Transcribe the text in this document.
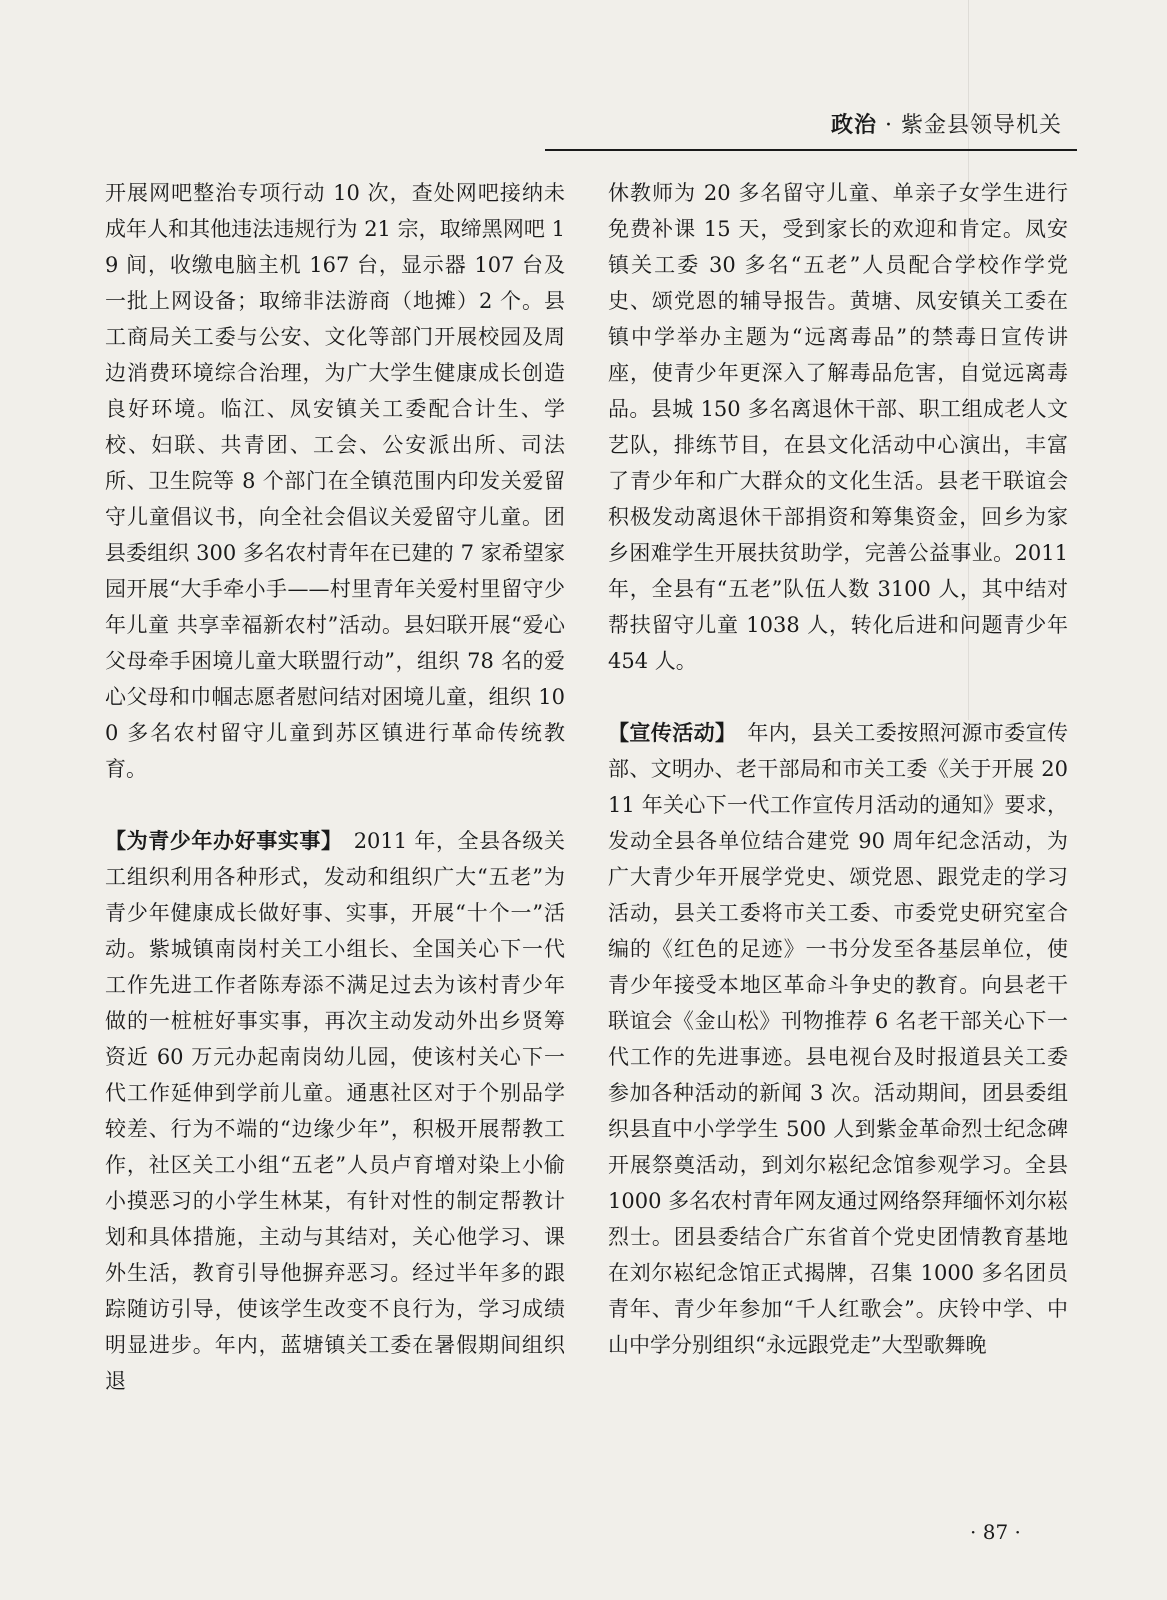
政治 · 紫金县领导机关

开展网吧整治专项行动 10 次，查处网吧接纳未成年人和其他违法违规行为 21 宗，取缔黑网吧 19 间，收缴电脑主机 167 台，显示器 107 台及一批上网设备；取缔非法游商（地摊）2 个。县工商局关工委与公安、文化等部门开展校园及周边消费环境综合治理，为广大学生健康成长创造良好环境。临江、凤安镇关工委配合计生、学校、妇联、共青团、工会、公安派出所、司法所、卫生院等 8 个部门在全镇范围内印发关爱留守儿童倡议书，向全社会倡议关爱留守儿童。团县委组织 300 多名农村青年在已建的 7 家希望家园开展“大手牵小手——村里青年关爱村里留守少年儿童 共享幸福新农村”活动。县妇联开展“爱心父母牵手困境儿童大联盟行动”，组织 78 名的爱心父母和巾帼志愿者慰问结对困境儿童，组织 100 多名农村留守儿童到苏区镇进行革命传统教育。

【为青少年办好事实事】　2011 年，全县各级关工组织利用各种形式，发动和组织广大“五老”为青少年健康成长做好事、实事，开展“十个一”活动。紫城镇南岗村关工小组长、全国关心下一代工作先进工作者陈寿添不满足过去为该村青少年做的一桩桩好事实事，再次主动发动外出乡贤筹资近 60 万元办起南岗幼儿园，使该村关心下一代工作延伸到学前儿童。通惠社区对于个别品学较差、行为不端的“边缘少年”，积极开展帮教工作，社区关工小组“五老”人员卢育增对染上小偷小摸恶习的小学生林某，有针对性的制定帮教计划和具体措施，主动与其结对，关心他学习、课外生活，教育引导他摒弃恶习。经过半年多的跟踪随访引导，使该学生改变不良行为，学习成绩明显进步。年内，蓝塘镇关工委在暑假期间组织退

休教师为 20 多名留守儿童、单亲子女学生进行免费补课 15 天，受到家长的欢迎和肯定。凤安镇关工委 30 多名“五老”人员配合学校作学党史、颂党恩的辅导报告。黄塘、凤安镇关工委在镇中学举办主题为“远离毒品”的禁毒日宣传讲座，使青少年更深入了解毒品危害，自觉远离毒品。县城 150 多名离退休干部、职工组成老人文艺队，排练节目，在县文化活动中心演出，丰富了青少年和广大群众的文化生活。县老干联谊会积极发动离退休干部捐资和筹集资金，回乡为家乡困难学生开展扶贫助学，完善公益事业。2011 年，全县有“五老”队伍人数 3100 人，其中结对帮扶留守儿童 1038 人，转化后进和问题青少年 454 人。

【宣传活动】　年内，县关工委按照河源市委宣传部、文明办、老干部局和市关工委《关于开展 2011 年关心下一代工作宣传月活动的通知》要求，发动全县各单位结合建党 90 周年纪念活动，为广大青少年开展学党史、颂党恩、跟党走的学习活动，县关工委将市关工委、市委党史研究室合编的《红色的足迹》一书分发至各基层单位，使青少年接受本地区革命斗争史的教育。向县老干联谊会《金山松》刊物推荐 6 名老干部关心下一代工作的先进事迹。县电视台及时报道县关工委参加各种活动的新闻 3 次。活动期间，团县委组织县直中小学学生 500 人到紫金革命烈士纪念碑开展祭奠活动，到刘尔崧纪念馆参观学习。全县 1000 多名农村青年网友通过网络祭拜缅怀刘尔崧烈士。团县委结合广东省首个党史团情教育基地在刘尔崧纪念馆正式揭牌，召集 1000 多名团员青年、青少年参加“千人红歌会”。庆铃中学、中山中学分别组织“永远跟党走”大型歌舞晚

· 87 ·
